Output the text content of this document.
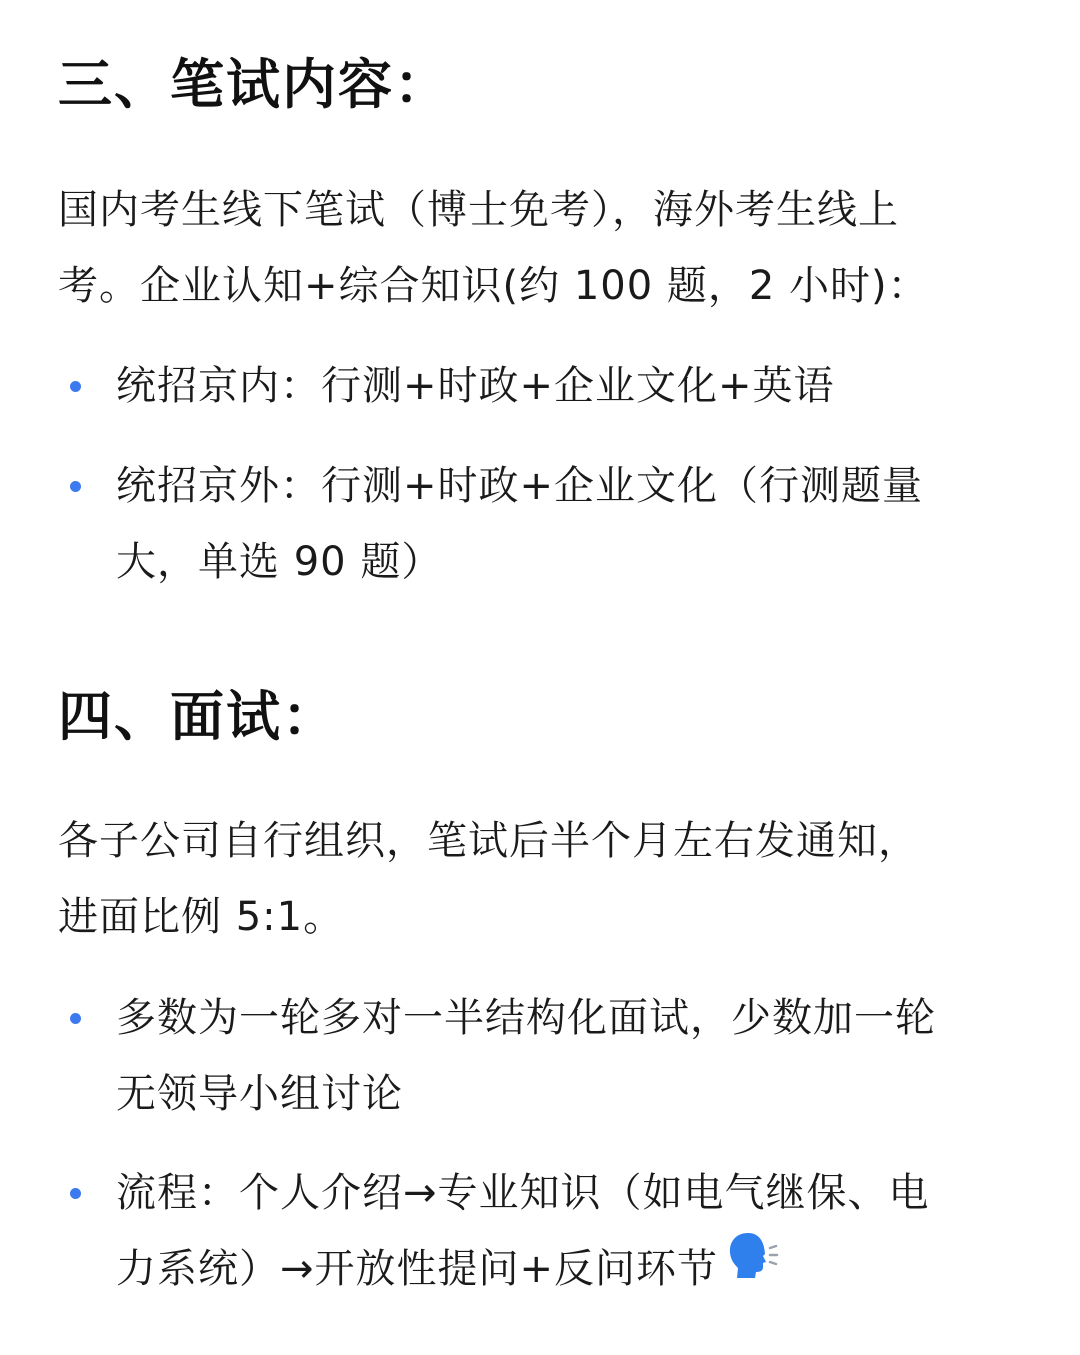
三、笔试内容：
国内考生线下笔试（博士免考），海外考生线上
考。企业认知+综合知识(约 100 题，2 小时)：
统招京内：行测+时政+企业文化+英语
统招京外：行测+时政+企业文化（行测题量
大，单选 90 题）
四、面试：
各子公司自行组织，笔试后半个月左右发通知，
进面比例 5:1。
多数为一轮多对一半结构化面试，少数加一轮
无领导小组讨论
流程：个人介绍→专业知识（如电气继保、电
力系统）→开放性提问+反问环节
